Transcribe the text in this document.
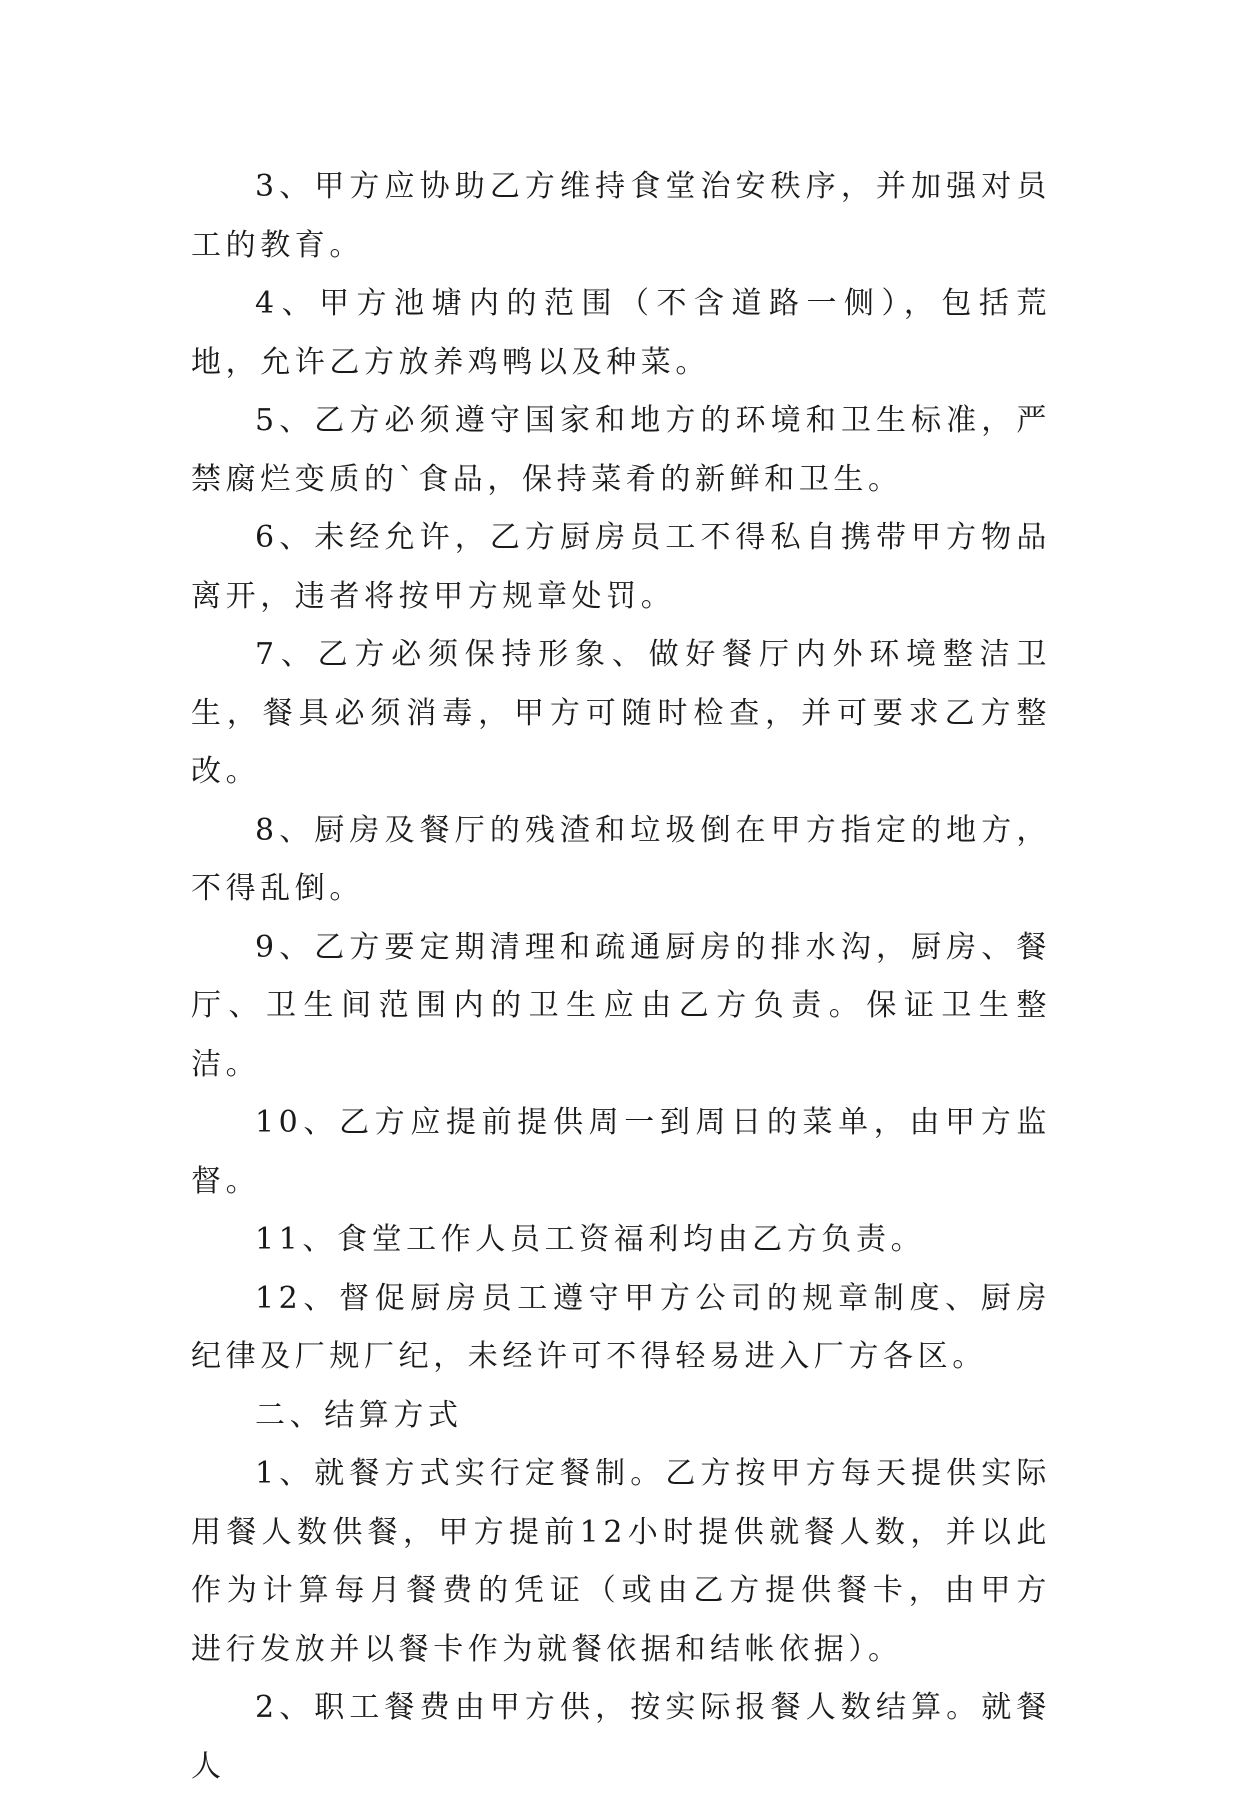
3、甲方应协助乙方维持食堂治安秩序，并加强对员工的教育。

4、甲方池塘内的范围（不含道路一侧），包括荒地，允许乙方放养鸡鸭以及种菜。

5、乙方必须遵守国家和地方的环境和卫生标准，严禁腐烂变质的`食品，保持菜肴的新鲜和卫生。

6、未经允许，乙方厨房员工不得私自携带甲方物品离开，违者将按甲方规章处罚。

7、乙方必须保持形象、做好餐厅内外环境整洁卫生，餐具必须消毒，甲方可随时检查，并可要求乙方整改。

8、厨房及餐厅的残渣和垃圾倒在甲方指定的地方，不得乱倒。

9、乙方要定期清理和疏通厨房的排水沟，厨房、餐厅、卫生间范围内的卫生应由乙方负责。保证卫生整洁。

10、乙方应提前提供周一到周日的菜单，由甲方监督。

11、食堂工作人员工资福利均由乙方负责。

12、督促厨房员工遵守甲方公司的规章制度、厨房纪律及厂规厂纪，未经许可不得轻易进入厂方各区。

二、结算方式

1、就餐方式实行定餐制。乙方按甲方每天提供实际用餐人数供餐，甲方提前12小时提供就餐人数，并以此作为计算每月餐费的凭证（或由乙方提供餐卡，由甲方进行发放并以餐卡作为就餐依据和结帐依据）。

2、职工餐费由甲方供，按实际报餐人数结算。就餐人
